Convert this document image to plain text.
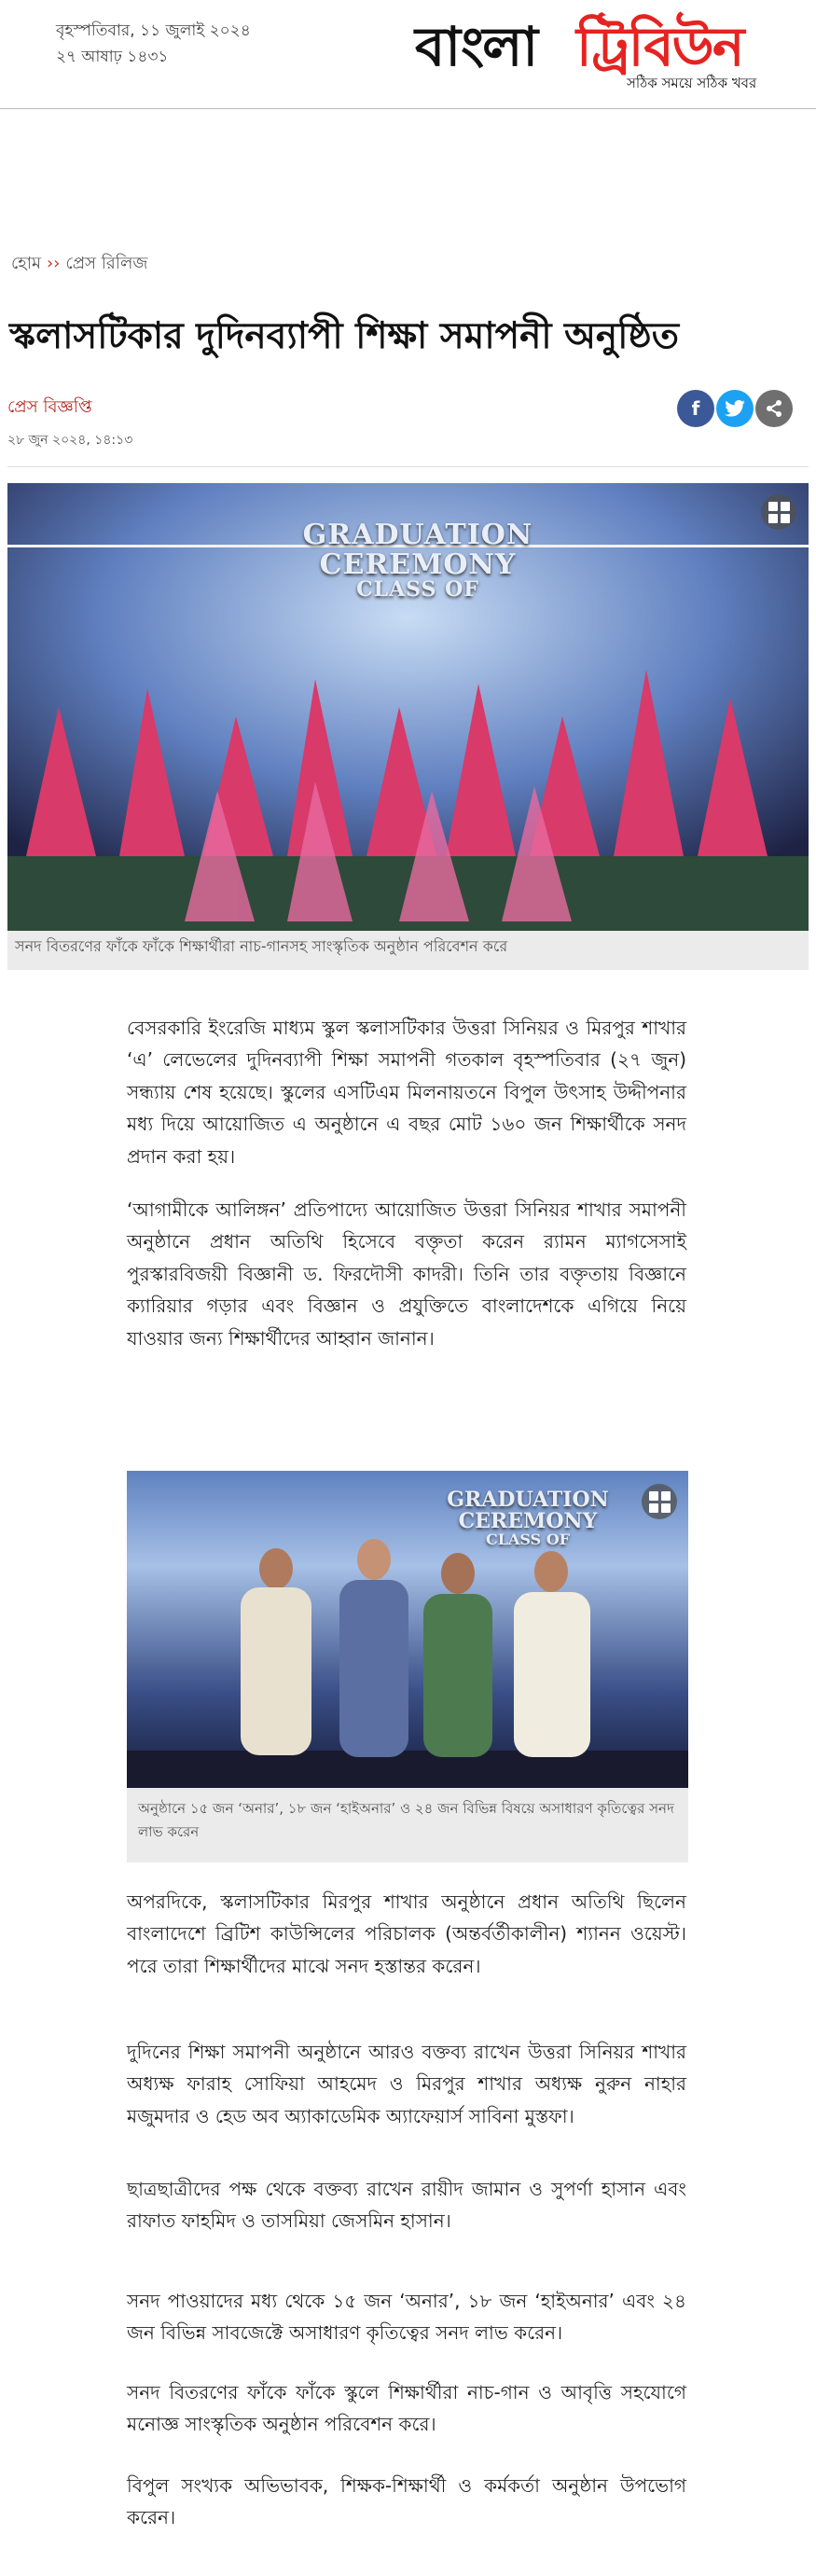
বৃহস্পতিবার, ১১ জুলাই ২০২৪
২৭ আষাঢ় ১৪৩১	বাংলা ট্রিবিউন
সঠিক সময়ে সঠিক খবর
হোম ›› প্রেস রিলিজ
স্কলাসটিকার দুদিনব্যাপী শিক্ষা সমাপনী অনুষ্ঠিত
প্রেস বিজ্ঞপ্তি
২৮ জুন ২০২৪, ১৪:১৩
f
GRADUATION CEREMONY
CLASS OF
সনদ বিতরণের ফাঁকে ফাঁকে শিক্ষার্থীরা নাচ-গানসহ সাংস্কৃতিক অনুষ্ঠান পরিবেশন করে

বেসরকারি ইংরেজি মাধ্যম স্কুল স্কলাসটিকার উত্তরা সিনিয়র ও মিরপুর শাখার ‘এ’ লেভেলের দুদিনব্যাপী শিক্ষা সমাপনী গতকাল বৃহস্পতিবার (২৭ জুন) সন্ধ্যায় শেষ হয়েছে। স্কুলের এসটিএম মিলনায়তনে বিপুল উৎসাহ উদ্দীপনার মধ্য দিয়ে আয়োজিত এ অনুষ্ঠানে এ বছর মোট ১৬০ জন শিক্ষার্থীকে সনদ প্রদান করা হয়।

‘আগামীকে আলিঙ্গন’ প্রতিপাদ্যে আয়োজিত উত্তরা সিনিয়র শাখার সমাপনী অনুষ্ঠানে প্রধান অতিথি হিসেবে বক্তৃতা করেন র‍্যামন ম্যাগসেসাই পুরস্কারবিজয়ী বিজ্ঞানী ড. ফিরদৌসী কাদরী। তিনি তার বক্তৃতায় বিজ্ঞানে ক্যারিয়ার গড়ার এবং বিজ্ঞান ও প্রযুক্তিতে বাংলাদেশকে এগিয়ে নিয়ে যাওয়ার জন্য শিক্ষার্থীদের আহ্বান জানান।

GRADUATION CEREMONY
CLASS OF
অনুষ্ঠানে ১৫ জন ‘অনার’, ১৮ জন ‘হাইঅনার’ ও ২৪ জন বিভিন্ন বিষয়ে অসাধারণ কৃতিত্বের সনদ লাভ করেন

অপরদিকে, স্কলাসটিকার মিরপুর শাখার অনুষ্ঠানে প্রধান অতিথি ছিলেন বাংলাদেশে ব্রিটিশ কাউন্সিলের পরিচালক (অন্তর্বর্তীকালীন) শ্যানন ওয়েস্ট। পরে তারা শিক্ষার্থীদের মাঝে সনদ হস্তান্তর করেন।

দুদিনের শিক্ষা সমাপনী অনুষ্ঠানে আরও বক্তব্য রাখেন উত্তরা সিনিয়র শাখার অধ্যক্ষ ফারাহ সোফিয়া আহমেদ ও মিরপুর শাখার অধ্যক্ষ নুরুন নাহার মজুমদার ও হেড অব অ্যাকাডেমিক অ্যাফেয়ার্স সাবিনা মুস্তফা।

ছাত্রছাত্রীদের পক্ষ থেকে বক্তব্য রাখেন রায়ীদ জামান ও সুপর্ণা হাসান এবং রাফাত ফাহমিদ ও তাসমিয়া জেসমিন হাসান।

সনদ পাওয়াদের মধ্য থেকে ১৫ জন ‘অনার’, ১৮ জন ‘হাইঅনার’ এবং ২৪ জন বিভিন্ন সাবজেক্টে অসাধারণ কৃতিত্বের সনদ লাভ করেন।

সনদ বিতরণের ফাঁকে ফাঁকে স্কুলে শিক্ষার্থীরা নাচ-গান ও আবৃত্তি সহযোগে মনোজ্ঞ সাংস্কৃতিক অনুষ্ঠান পরিবেশন করে।

বিপুল সংখ্যক অভিভাবক, শিক্ষক-শিক্ষার্থী ও কর্মকর্তা অনুষ্ঠান উপভোগ করেন।
